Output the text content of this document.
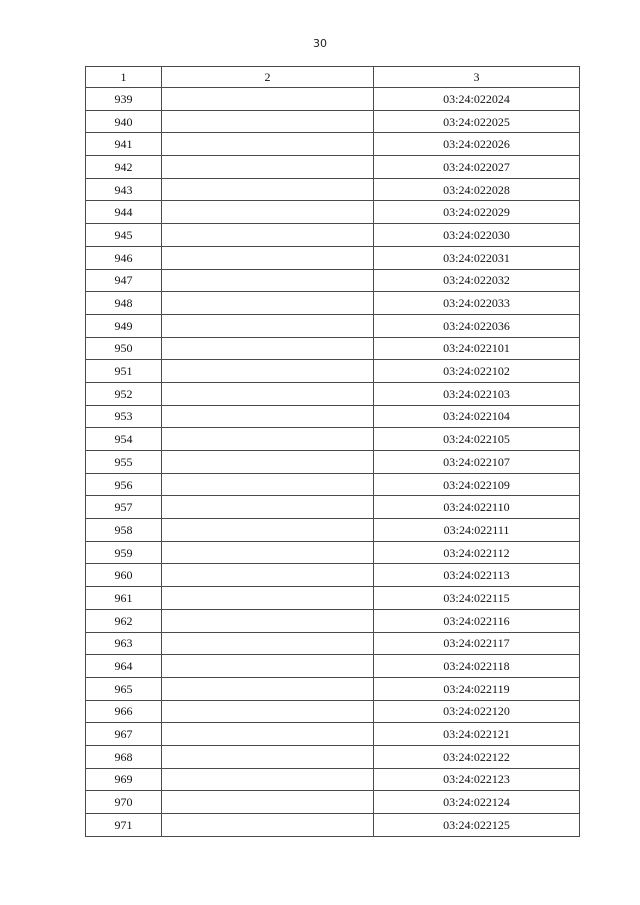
30
1	2	3
939		03:24:022024
940		03:24:022025
941		03:24:022026
942		03:24:022027
943		03:24:022028
944		03:24:022029
945		03:24:022030
946		03:24:022031
947		03:24:022032
948		03:24:022033
949		03:24:022036
950		03:24:022101
951		03:24:022102
952		03:24:022103
953		03:24:022104
954		03:24:022105
955		03:24:022107
956		03:24:022109
957		03:24:022110
958		03:24:022111
959		03:24:022112
960		03:24:022113
961		03:24:022115
962		03:24:022116
963		03:24:022117
964		03:24:022118
965		03:24:022119
966		03:24:022120
967		03:24:022121
968		03:24:022122
969		03:24:022123
970		03:24:022124
971		03:24:022125
